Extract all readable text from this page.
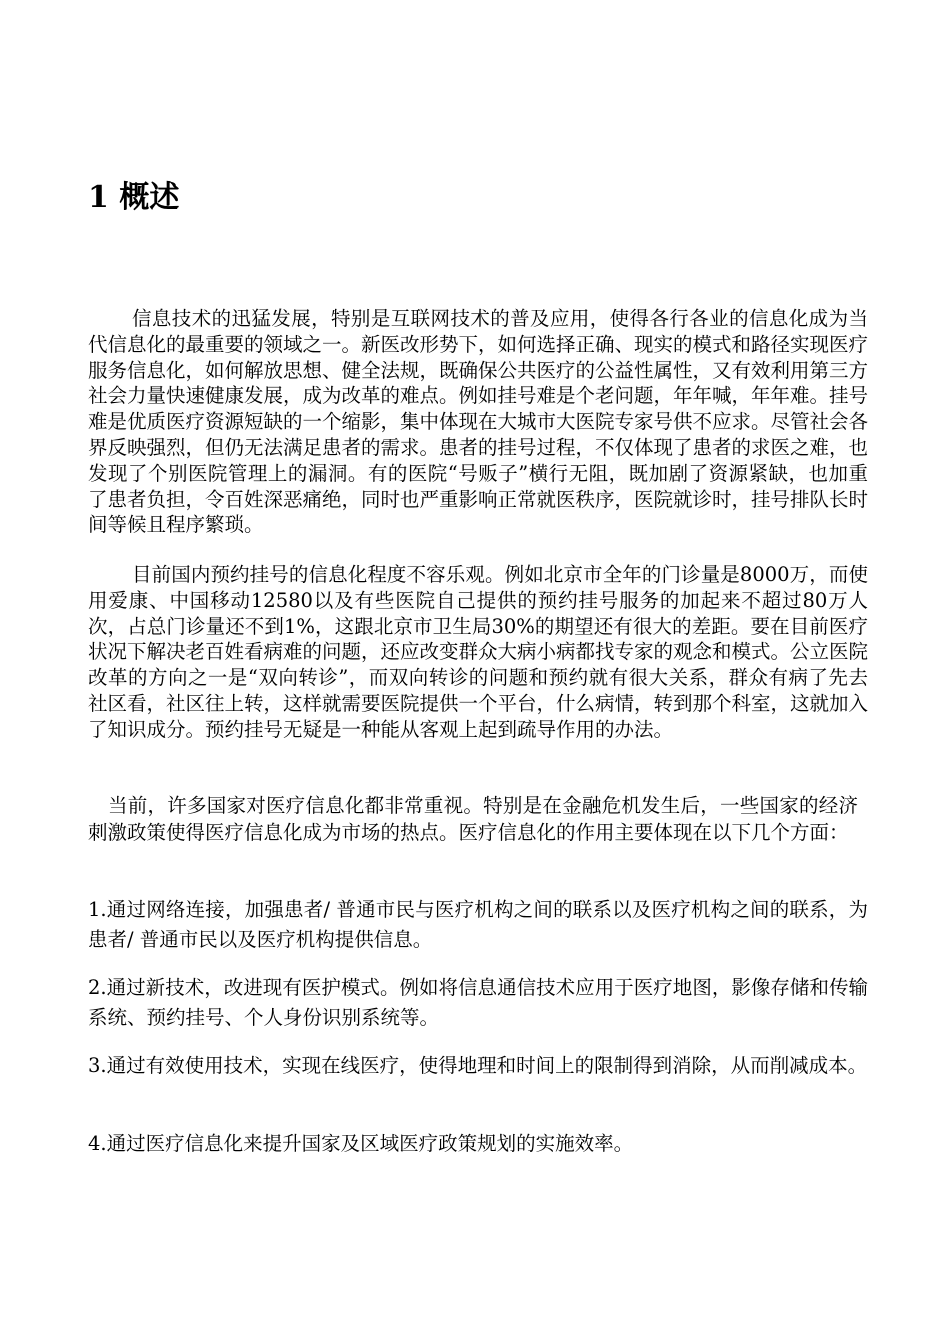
1 概述

信息技术的迅猛发展，特别是互联网技术的普及应用，使得各行各业的信息化成为当代信息化的最重要的领域之一。新医改形势下，如何选择正确、现实的模式和路径实现医疗服务信息化，如何解放思想、健全法规，既确保公共医疗的公益性属性，又有效利用第三方社会力量快速健康发展，成为改革的难点。例如挂号难是个老问题，年年喊，年年难。挂号难是优质医疗资源短缺的一个缩影，集中体现在大城市大医院专家号供不应求。尽管社会各界反映强烈，但仍无法满足患者的需求。患者的挂号过程，不仅体现了患者的求医之难，也发现了个别医院管理上的漏洞。有的医院“号贩子”横行无阻，既加剧了资源紧缺，也加重了患者负担，令百姓深恶痛绝，同时也严重影响正常就医秩序，医院就诊时，挂号排队长时间等候且程序繁琐。

目前国内预约挂号的信息化程度不容乐观。例如北京市全年的门诊量是8000万，而使用爱康、中国移动12580以及有些医院自己提供的预约挂号服务的加起来不超过80万人次，占总门诊量还不到1%，这跟北京市卫生局30%的期望还有很大的差距。要在目前医疗状况下解决老百姓看病难的问题，还应改变群众大病小病都找专家的观念和模式。公立医院改革的方向之一是“双向转诊”，而双向转诊的问题和预约就有很大关系，群众有病了先去社区看，社区往上转，这样就需要医院提供一个平台，什么病情，转到那个科室，这就加入了知识成分。预约挂号无疑是一种能从客观上起到疏导作用的办法。

当前，许多国家对医疗信息化都非常重视。特别是在金融危机发生后，一些国家的经济刺激政策使得医疗信息化成为市场的热点。医疗信息化的作用主要体现在以下几个方面：

1.通过网络连接，加强患者/ 普通市民与医疗机构之间的联系以及医疗机构之间的联系，为患者/ 普通市民以及医疗机构提供信息。

2.通过新技术，改进现有医护模式。例如将信息通信技术应用于医疗地图，影像存储和传输系统、预约挂号、个人身份识别系统等。

3.通过有效使用技术，实现在线医疗，使得地理和时间上的限制得到消除，从而削减成本。

4.通过医疗信息化来提升国家及区域医疗政策规划的实施效率。
